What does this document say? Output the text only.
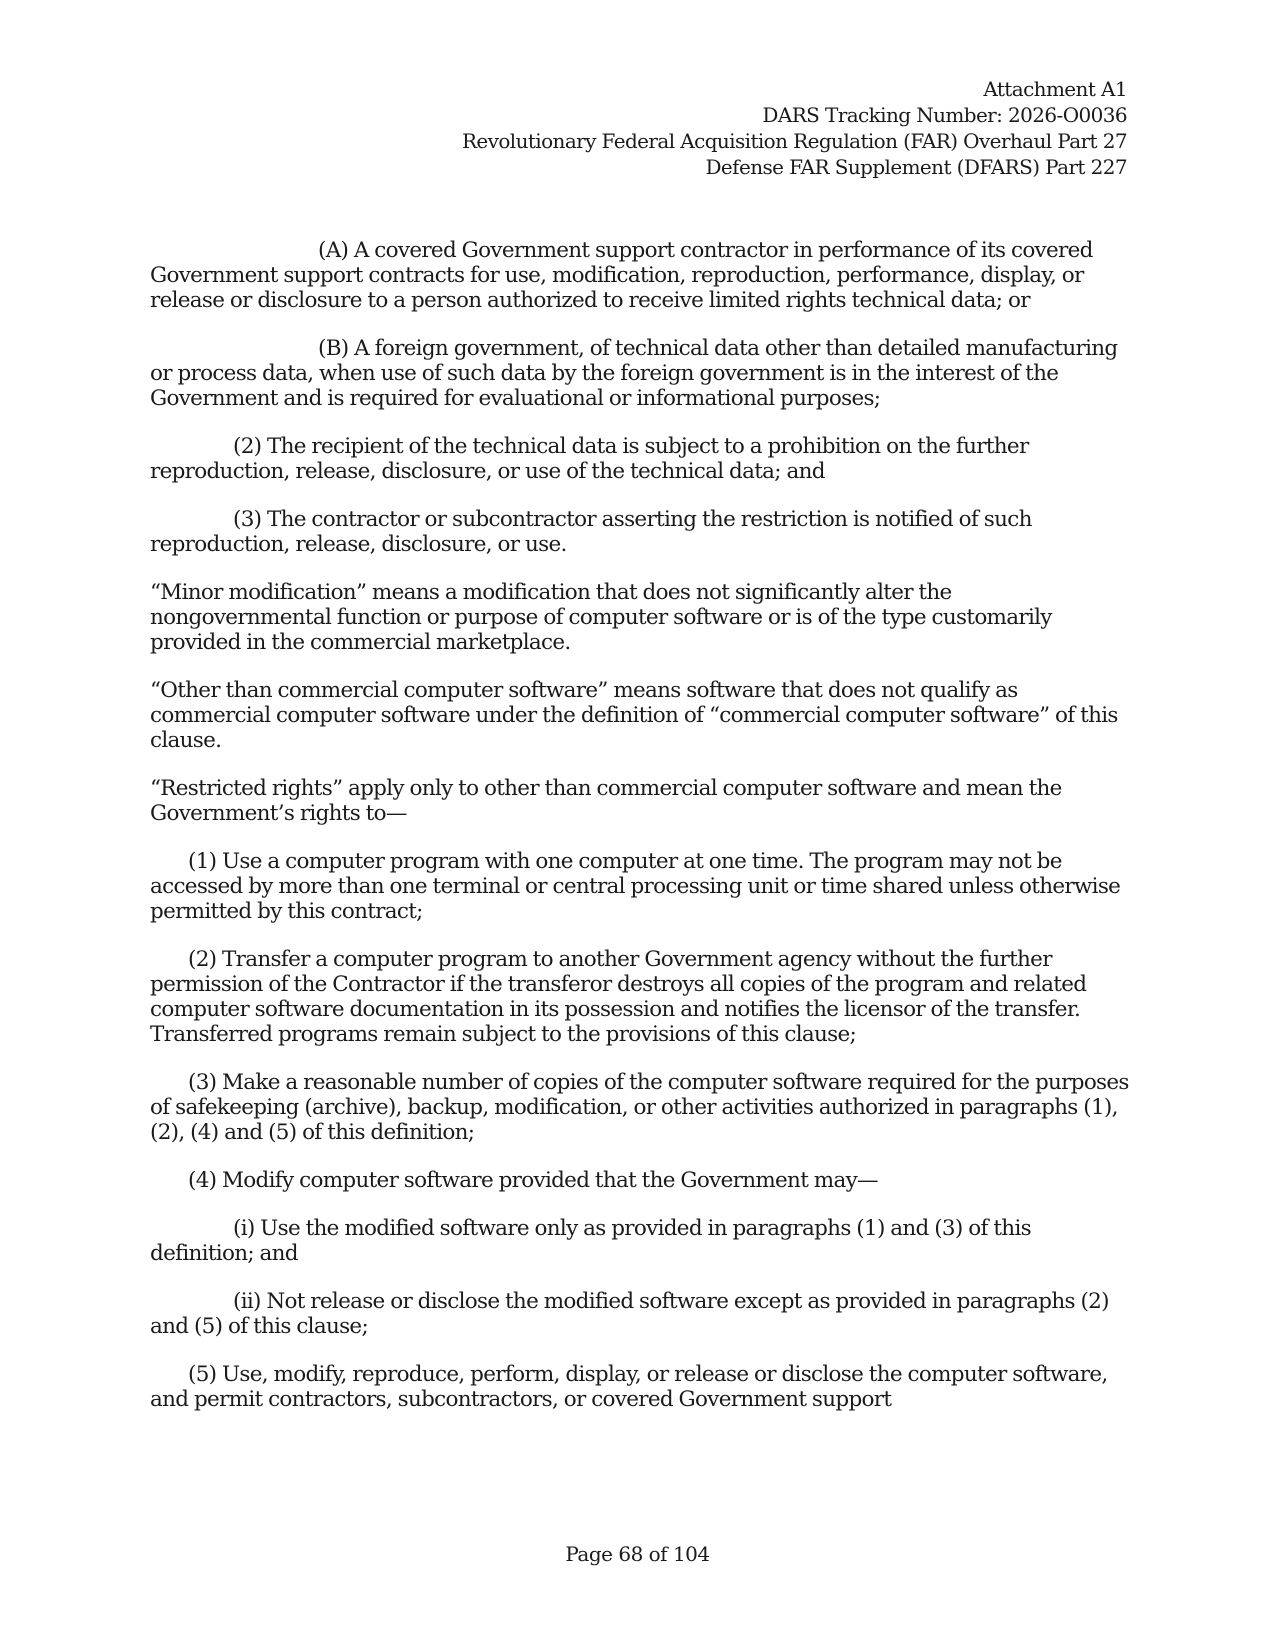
Attachment A1
DARS Tracking Number: 2026-O0036
Revolutionary Federal Acquisition Regulation (FAR) Overhaul Part 27
Defense FAR Supplement (DFARS) Part 227

(A) A covered Government support contractor in performance of its covered Government support contracts for use, modification, reproduction, performance, display, or release or disclosure to a person authorized to receive limited rights technical data; or

(B) A foreign government, of technical data other than detailed manufacturing or process data, when use of such data by the foreign government is in the interest of the Government and is required for evaluational or informational purposes;

(2) The recipient of the technical data is subject to a prohibition on the further reproduction, release, disclosure, or use of the technical data; and

(3) The contractor or subcontractor asserting the restriction is notified of such reproduction, release, disclosure, or use.

“Minor modification” means a modification that does not significantly alter the nongovernmental function or purpose of computer software or is of the type customarily provided in the commercial marketplace.

“Other than commercial computer software” means software that does not qualify as commercial computer software under the definition of “commercial computer software” of this clause.

“Restricted rights” apply only to other than commercial computer software and mean the Government’s rights to—

(1) Use a computer program with one computer at one time. The program may not be accessed by more than one terminal or central processing unit or time shared unless otherwise permitted by this contract;

(2) Transfer a computer program to another Government agency without the further permission of the Contractor if the transferor destroys all copies of the program and related computer software documentation in its possession and notifies the licensor of the transfer. Transferred programs remain subject to the provisions of this clause;

(3) Make a reasonable number of copies of the computer software required for the purposes of safekeeping (archive), backup, modification, or other activities authorized in paragraphs (1), (2), (4) and (5) of this definition;

(4) Modify computer software provided that the Government may—

(i) Use the modified software only as provided in paragraphs (1) and (3) of this definition; and

(ii) Not release or disclose the modified software except as provided in paragraphs (2) and (5) of this clause;

(5) Use, modify, reproduce, perform, display, or release or disclose the computer software, and permit contractors, subcontractors, or covered Government support

Page 68 of 104
